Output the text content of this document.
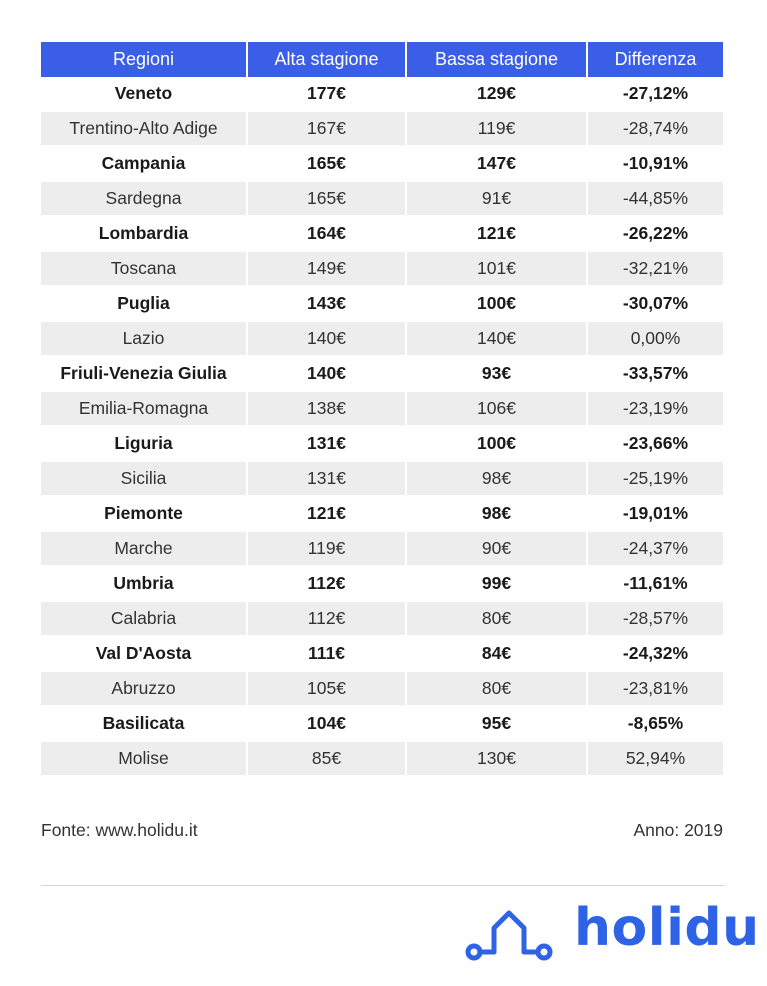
Regioni	Alta stagione	Bassa stagione	Differenza
Veneto	177€	129€	-27,12%
Trentino-Alto Adige	167€	119€	-28,74%
Campania	165€	147€	-10,91%
Sardegna	165€	91€	-44,85%
Lombardia	164€	121€	-26,22%
Toscana	149€	101€	-32,21%
Puglia	143€	100€	-30,07%
Lazio	140€	140€	0,00%
Friuli-Venezia Giulia	140€	93€	-33,57%
Emilia-Romagna	138€	106€	-23,19%
Liguria	131€	100€	-23,66%
Sicilia	131€	98€	-25,19%
Piemonte	121€	98€	-19,01%
Marche	119€	90€	-24,37%
Umbria	112€	99€	-11,61%
Calabria	112€	80€	-28,57%
Val D'Aosta	111€	84€	-24,32%
Abruzzo	105€	80€	-23,81%
Basilicata	104€	95€	-8,65%
Molise	85€	130€	52,94%
Fonte: www.holidu.it	Anno: 2019
holidu
